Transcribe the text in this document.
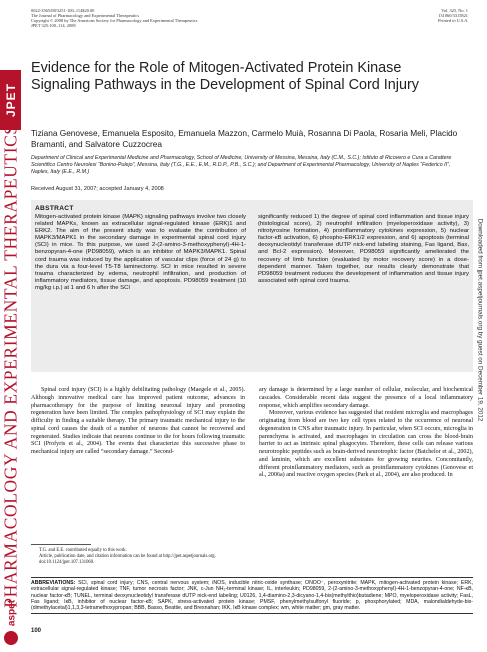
JPET
PHARMACOLOGY AND EXPERIMENTAL THERAPEUTICS
aspet
Downloaded from jpet.aspetjournals.org by guest on December 19, 2012
0022-3565/08/3251-100–114$20.00
The Journal of Pharmacology and Experimental Therapeutics
Copyright © 2008 by The American Society for Pharmacology and Experimental Therapeutics
JPET 325:100–114, 2008
Vol. 325, No. 1
131060/3315821
Printed in U.S.A.
Evidence for the Role of Mitogen-Activated Protein Kinase
Signaling Pathways in the Development of Spinal Cord Injury
Tiziana Genovese, Emanuela Esposito, Emanuela Mazzon, Carmelo Muià, Rosanna Di Paola, Rosaria Meli, Placido Bramanti, and Salvatore Cuzzocrea
Department of Clinical and Experimental Medicine and Pharmacology, School of Medicine, University of Messina, Messina, Italy (C.M., S.C.); Istituto di Ricovero e Cura a Carattere Scientifico Centro Neurolesi “Bonino-Pulejo”, Messina, Italy (T.G., E.E., E.M., R.D.P., P.B., S.C.); and Department of Experimental Pharmacology, University of Naples “Federico II”, Naples, Italy (E.E., R.M.)
Received August 31, 2007; accepted January 4, 2008
ABSTRACT
Mitogen-activated protein kinase (MAPK) signaling pathways involve two closely related MAPKs, known as extracellular signal-regulated kinase (ERK)1 and ERK2. The aim of the present study was to evaluate the contribution of MAPK3/MAPK1 in the secondary damage in experimental spinal cord injury (SCI) in mice. To this purpose, we used 2-(2-amino-3-methoxyphenyl)-4H-1-benzopyran-4-one (PD98059), which is an inhibitor of MAPK3/MAPK1. Spinal cord trauma was induced by the application of vascular clips (force of 24 g) to the dura via a four-level T5-T8 laminectomy. SCI in mice resulted in severe trauma characterized by edema, neutrophil infiltration, and production of inflammatory mediators, tissue damage, and apoptosis. PD98059 treatment (10 mg/kg i.p.) at 1 and 6 h after the SCI
significantly reduced 1) the degree of spinal cord inflammation and tissue injury (histological score), 2) neutrophil infiltration (myeloperoxidase activity), 3) nitrotyrosine formation, 4) proinflammatory cytokines expression, 5) nuclear factor-κB activation, 6) phospho-ERK1/2 expression, and 6) apoptosis (terminal deoxynucleotidyl transferase dUTP nick-end labeling staining, Fas ligand, Bax, and Bcl-2 expression). Moreover, PD98059 significantly ameliorated the recovery of limb function (evaluated by motor recovery score) in a dose-dependent manner. Taken together, our results clearly demonstrate that PD98059 treatment reduces the development of inflammation and tissue injury associated with spinal cord trauma.

Spinal cord injury (SCI) is a highly debilitating pathology (Maegele et al., 2005). Although innovative medical care has improved patient outcome, advances in pharmacotherapy for the purpose of limiting neuronal injury and promoting regeneration have been limited. The complex pathophysiology of SCI may explain the difficulty in finding a suitable therapy. The primary traumatic mechanical injury to the spinal cord causes the death of a number of neurons that cannot be recovered and regenerated. Studies indicate that neurons continue to die for hours following traumatic SCI (Profyris et al., 2004). The events that characterize this successive phase to mechanical injury are called “secondary damage.” Second-

ary damage is determined by a large number of cellular, molecular, and biochemical cascades. Considerable recent data suggest the presence of a local inflammatory response, which amplifies secondary damage.

Moreover, various evidence has suggested that resident microglia and macrophages originating from blood are two key cell types related to the occurrence of neuronal degeneration in CNS after traumatic injury. In particular, when SCI occurs, microglia in parenchyma is activated, and macrophages in circulation can cross the blood-brain barrier to act as intrinsic spinal phagocytes. Therefore, these cells can release various neurotrophic peptides such as brain-derived neurotrophic factor (Batchelor et al., 2002), and laminin, which are excellent substrates for growing neurites. Concomitantly, different proinflammatory mediators, such as proinflammatory cytokines (Genovese et al., 2006a) and reactive oxygen species (Park et al., 2004), are also produced. In

T.G. and E.E. contributed equally to this work.
Article, publication date, and citation information can be found at http://jpet.aspetjournals.org.
doi:10.1124/jpet.107.131060.
ABBREVIATIONS: SCI, spinal cord injury; CNS, central nervous system; iNOS, inducible nitric-oxide synthase; ONOO⁻, peroxynitrite; MAPK, mitogen-activated protein kinase; ERK, extracellular signal-regulated kinase; TNF, tumor necrosis factor; JNK, c-Jun NH₂-terminal kinase; IL, interleukin; PD98059, 2-(2-amino-3-methoxyphenyl)-4H-1-benzopyran-4-one; NF-κB, nuclear factor-κB; TUNEL, terminal deoxynucleotidyl transferase dUTP nick-end labeling; U0126, 1,4-diamino-2,3-dicyano-1,4-bis(methylthio)butadiene; MPO, myeloperoxidase activity; FasL, Fas ligand; IκB, inhibitor of nuclear factor-κB; SAPK, stress-activated protein kinase; PMSF, phenylmethylsulfonyl fluoride; p, phosphorylated; MDA, malondialdehyde-bis-(dimethylacetal)1,1,3,3-tetramethoxypropan; BBB, Basso, Beattie, and Bresnahan; IKK, IκB kinase complex; wm, white matter; gm, gray matter.
100
